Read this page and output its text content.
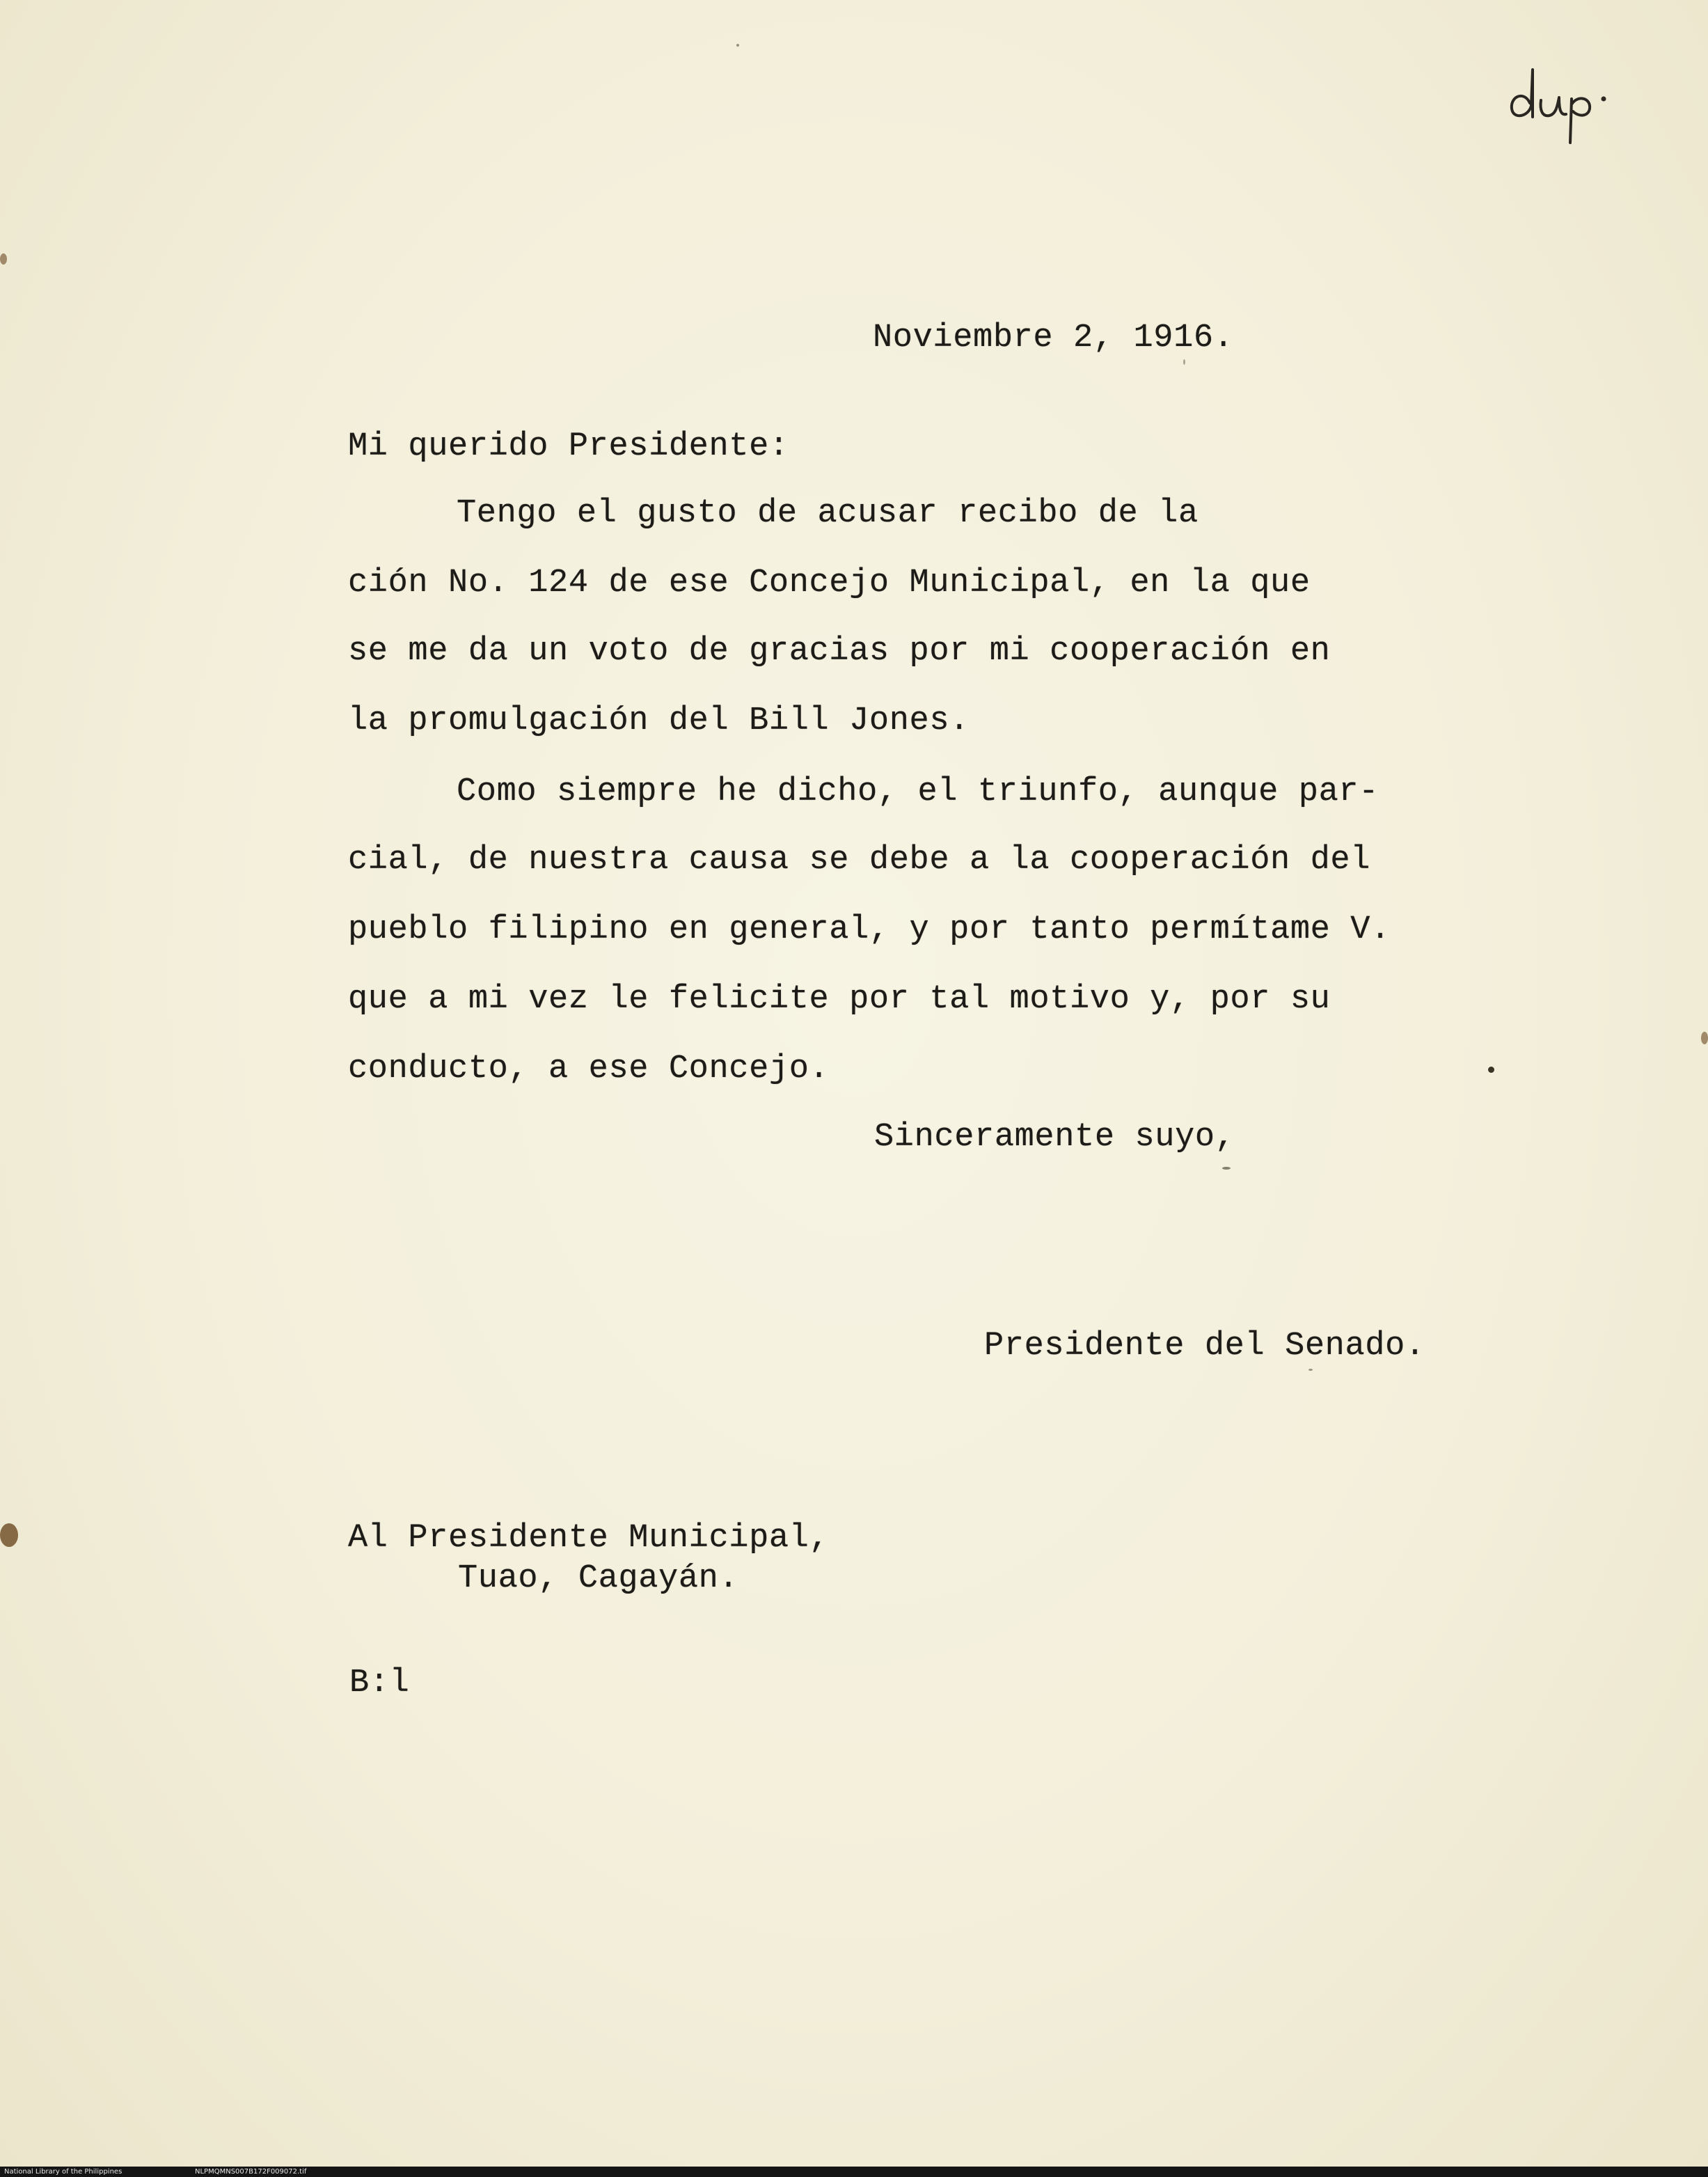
Noviembre 2, 1916.
Mi querido Presidente:
Tengo el gusto de acusar recibo de la
ción No. 124 de ese Concejo Municipal, en la que
se me da un voto de gracias por mi cooperación en
la promulgación del Bill Jones.
Como siempre he dicho, el triunfo, aunque par-
cial, de nuestra causa se debe a la cooperación del
pueblo filipino en general, y por tanto permítame V.
que a mi vez le felicite por tal motivo y, por su
conducto, a ese Concejo.
Sinceramente suyo,
Presidente del Senado.
Al Presidente Municipal,
Tuao, Cagayán.
B:l
National Library of the Philippines	NLPMQMNS007B172F009072.tif
